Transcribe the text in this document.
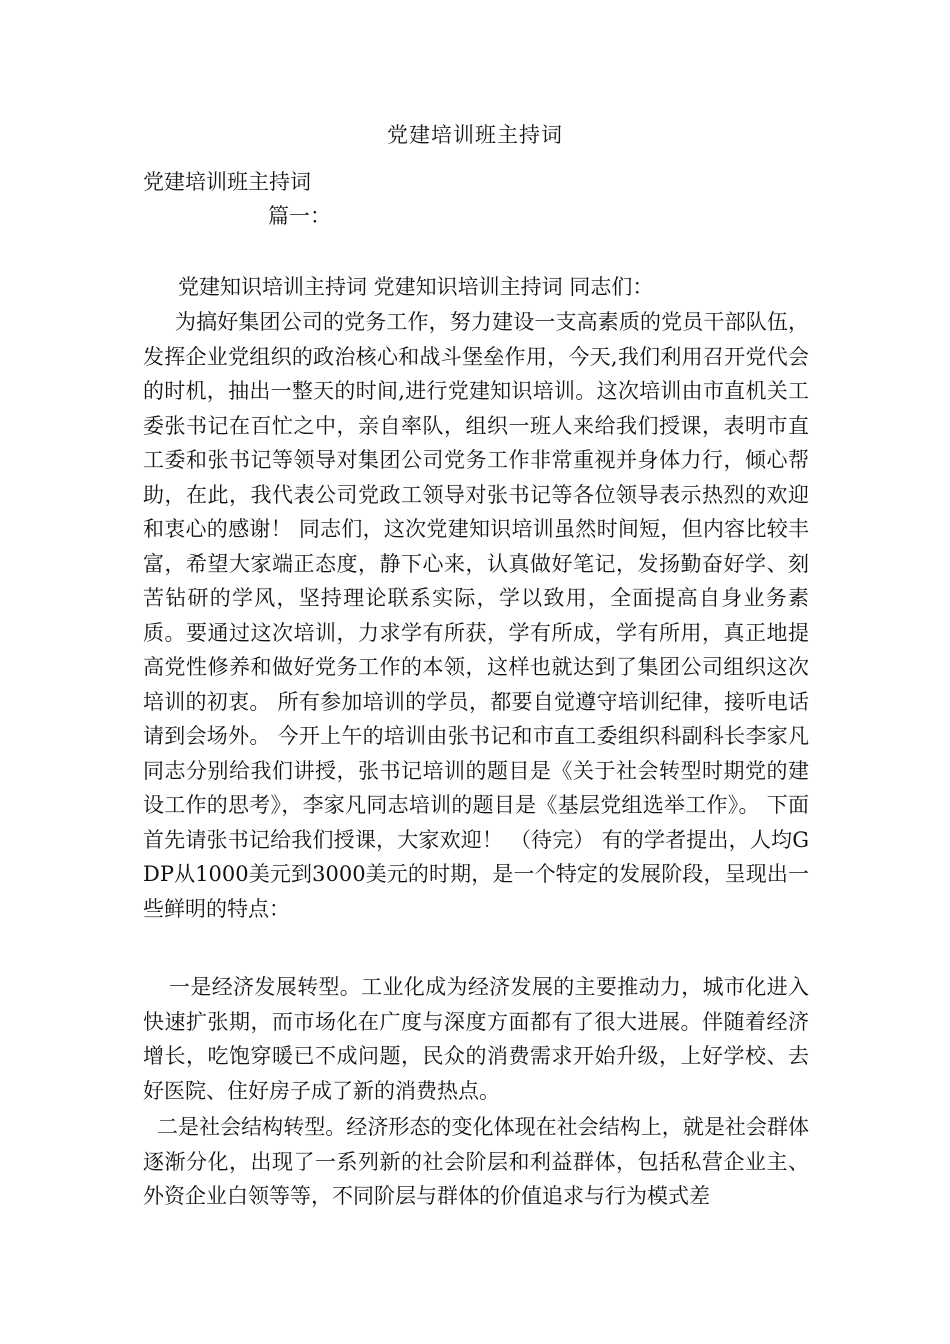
党建培训班主持词
党建培训班主持词
篇一：
党建知识培训主持词 党建知识培训主持词 同志们：
为搞好集团公司的党务工作，努力建设一支高素质的党员干部队伍，发挥企业党组织的政治核心和战斗堡垒作用，今天,我们利用召开党代会的时机，抽出一整天的时间,进行党建知识培训。这次培训由市直机关工委张书记在百忙之中，亲自率队，组织一班人来给我们授课，表明市直工委和张书记等领导对集团公司党务工作非常重视并身体力行，倾心帮助，在此，我代表公司党政工领导对张书记等各位领导表示热烈的欢迎和衷心的感谢！ 同志们，这次党建知识培训虽然时间短，但内容比较丰富，希望大家端正态度，静下心来，认真做好笔记，发扬勤奋好学、刻苦钻研的学风，坚持理论联系实际，学以致用，全面提高自身业务素质。要通过这次培训，力求学有所获，学有所成，学有所用，真正地提高党性修养和做好党务工作的本领，这样也就达到了集团公司组织这次培训的初衷。 所有参加培训的学员，都要自觉遵守培训纪律，接听电话请到会场外。 今开上午的培训由张书记和市直工委组织科副科长李家凡同志分别给我们讲授，张书记培训的题目是《关于社会转型时期党的建设工作的思考》，李家凡同志培训的题目是《基层党组选举工作》。 下面首先请张书记给我们授课，大家欢迎！ （待完） 有的学者提出，人均GDP从1000美元到3000美元的时期，是一个特定的发展阶段，呈现出一些鲜明的特点：
一是经济发展转型。工业化成为经济发展的主要推动力，城市化进入快速扩张期，而市场化在广度与深度方面都有了很大进展。伴随着经济增长，吃饱穿暖已不成问题，民众的消费需求开始升级，上好学校、去好医院、住好房子成了新的消费热点。
二是社会结构转型。经济形态的变化体现在社会结构上，就是社会群体逐渐分化，出现了一系列新的社会阶层和利益群体，包括私营企业主、外资企业白领等等，不同阶层与群体的价值追求与行为模式差
